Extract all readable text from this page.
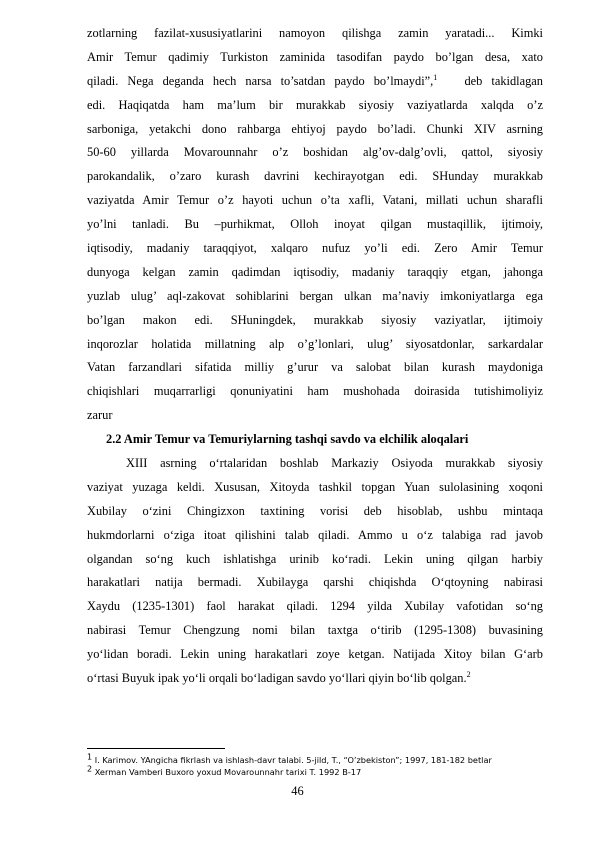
zotlarning fazilat-xususiyatlarini namoyon qilishga zamin yaratadi... Kimki
Amir Temur qadimiy Turkiston zaminida tasodifan paydo bo’lgan desa, xato
qiladi. Nega deganda hech narsa to’satdan paydo bo’lmaydi”,$^1$ deb takidlagan
edi. Haqiqatda ham ma’lum bir murakkab siyosiy vaziyatlarda xalqda o’z
sarboniga, yetakchi dono rahbarga ehtiyoj paydo bo’ladi. Chunki XIV asrning
50-60 yillarda Movarounnahr o’z boshidan alg’ov-dalg’ovli, qattol, siyosiy
parokandalik, o’zaro kurash davrini kechirayotgan edi. SHunday murakkab
vaziyatda Amir Temur o’z hayoti uchun o’ta xafli, Vatani, millati uchun sharafli
yo’lni tanladi. Bu –purhikmat, Olloh inoyat qilgan mustaqillik, ijtimoiy,
iqtisodiy, madaniy taraqqiyot, xalqaro nufuz yo’li edi. Zero Amir Temur
dunyoga kelgan zamin qadimdan iqtisodiy, madaniy taraqqiy etgan, jahonga
yuzlab ulug’ aql-zakovat sohiblarini bergan ulkan ma’naviy imkoniyatlarga ega
bo’lgan makon edi. SHuningdek, murakkab siyosiy vaziyatlar, ijtimoiy
inqorozlar holatida millatning alp o’g’lonlari, ulug’ siyosatdonlar, sarkardalar
Vatan farzandlari sifatida milliy g’urur va salobat bilan kurash maydoniga
chiqishlari muqarrarligi qonuniyatini ham mushohada doirasida tutishimoliyiz
zarur
2.2 Amir Temur va Temuriylarning tashqi savdo va elchilik aloqalari
XIII asrning o‘rtalaridan boshlab Markaziy Osiyoda murakkab siyosiy
vaziyat yuzaga keldi. Xususan, Xitoyda tashkil topgan Yuan sulolasining xoqoni
Xubilay o‘zini Chingizxon taxtining vorisi deb hisoblab, ushbu mintaqa
hukmdorlarni o‘ziga itoat qilishini talab qiladi. Ammo u o‘z talabiga rad javob
olgandan so‘ng kuch ishlatishga urinib ko‘radi. Lekin uning qilgan harbiy
harakatlari natija bermadi. Xubilayga qarshi chiqishda O‘qtoyning nabirasi
Xaydu (1235-1301) faol harakat qiladi. 1294 yilda Xubilay vafotidan so‘ng
nabirasi Temur Chengzung nomi bilan taxtga o‘tirib (1295-1308) buvasining
yo‘lidan boradi. Lekin uning harakatlari zoye ketgan. Natijada Xitoy bilan G‘arb
o‘rtasi Buyuk ipak yo‘li orqali bo‘ladigan savdo yo‘llari qiyin bo‘lib qolgan.$^2$
$^1$ I. Karimov. YAngicha fikrlash va ishlash-davr talabi. 5-jild, T., “O’zbekiston”; 1997, 181-182 betlar
$^2$ Xerman Vamberi Buxoro yoxud Movarounnahr tarixi T. 1992 B-17
46
